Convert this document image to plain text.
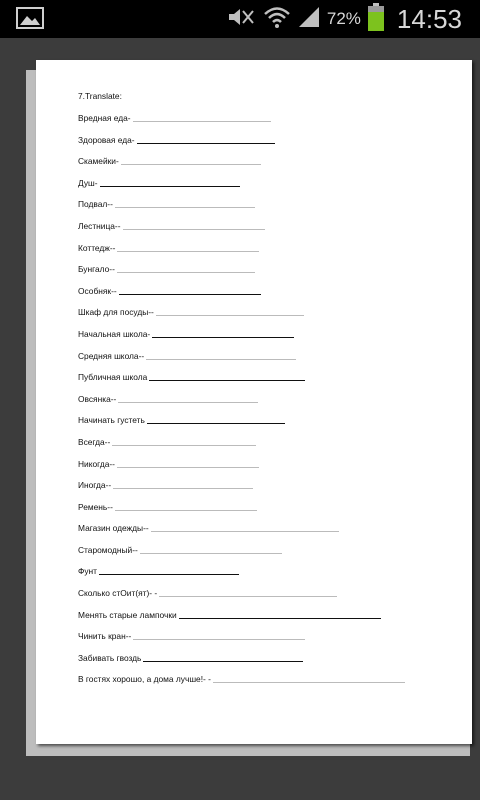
72% 14:53
7.Translate:
Вредная еда-
Здоровая еда-
Скамейки-
Душ-
Подвал--
Лестница--
Коттедж--
Бунгало--
Особняк--
Шкаф для посуды--
Начальная школа-
Средняя школа--
Публичная школа
Овсянка--
Начинать густеть
Всегда--
Никогда--
Иногда--
Ремень--
Магазин одежды--
Старомодный--
Фунт
Сколько стОит(ят)- -
Менять старые лампочки
Чинить кран--
Забивать гвоздь
В гостях хорошо, а дома лучше!- -
